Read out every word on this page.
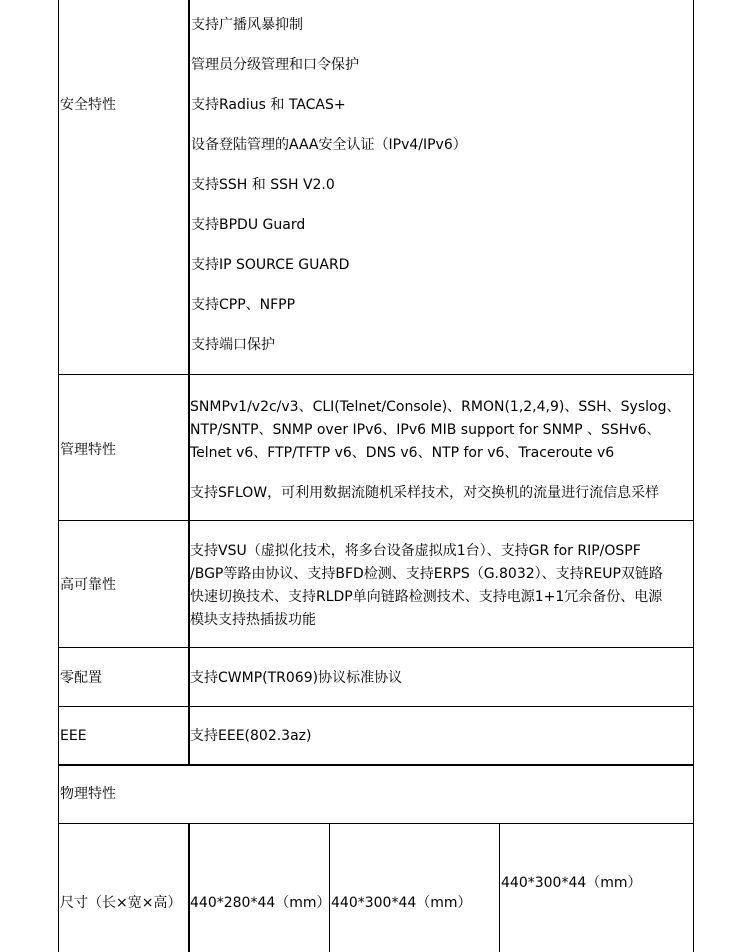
安全特性
支持广播风暴抑制
管理员分级管理和口令保护
支持Radius 和 TACAS+
设备登陆管理的AAA安全认证（IPv4/IPv6）
支持SSH 和 SSH V2.0
支持BPDU Guard
支持IP SOURCE GUARD
支持CPP、NFPP
支持端口保护
管理特性
SNMPv1/v2c/v3、CLI(Telnet/Console)、RMON(1,2,4,9)、SSH、Syslog、
NTP/SNTP、SNMP over IPv6、IPv6 MIB support for SNMP 、SSHv6、
Telnet v6、FTP/TFTP v6、DNS v6、NTP for v6、Traceroute v6
支持SFLOW，可利用数据流随机采样技术，对交换机的流量进行流信息采样
高可靠性
支持VSU（虚拟化技术，将多台设备虚拟成1台）、支持GR for RIP/OSPF
/BGP等路由协议、支持BFD检测、支持ERPS（G.8032）、支持REUP双链路
快速切换技术、支持RLDP单向链路检测技术、支持电源1+1冗余备份、电源
模块支持热插拔功能
零配置	支持CWMP(TR069)协议标准协议
EEE	支持EEE(802.3az)
物理特性
尺寸（长×宽×高） 440*280*44（mm） 440*300*44（mm）
440*300*44（mm）
